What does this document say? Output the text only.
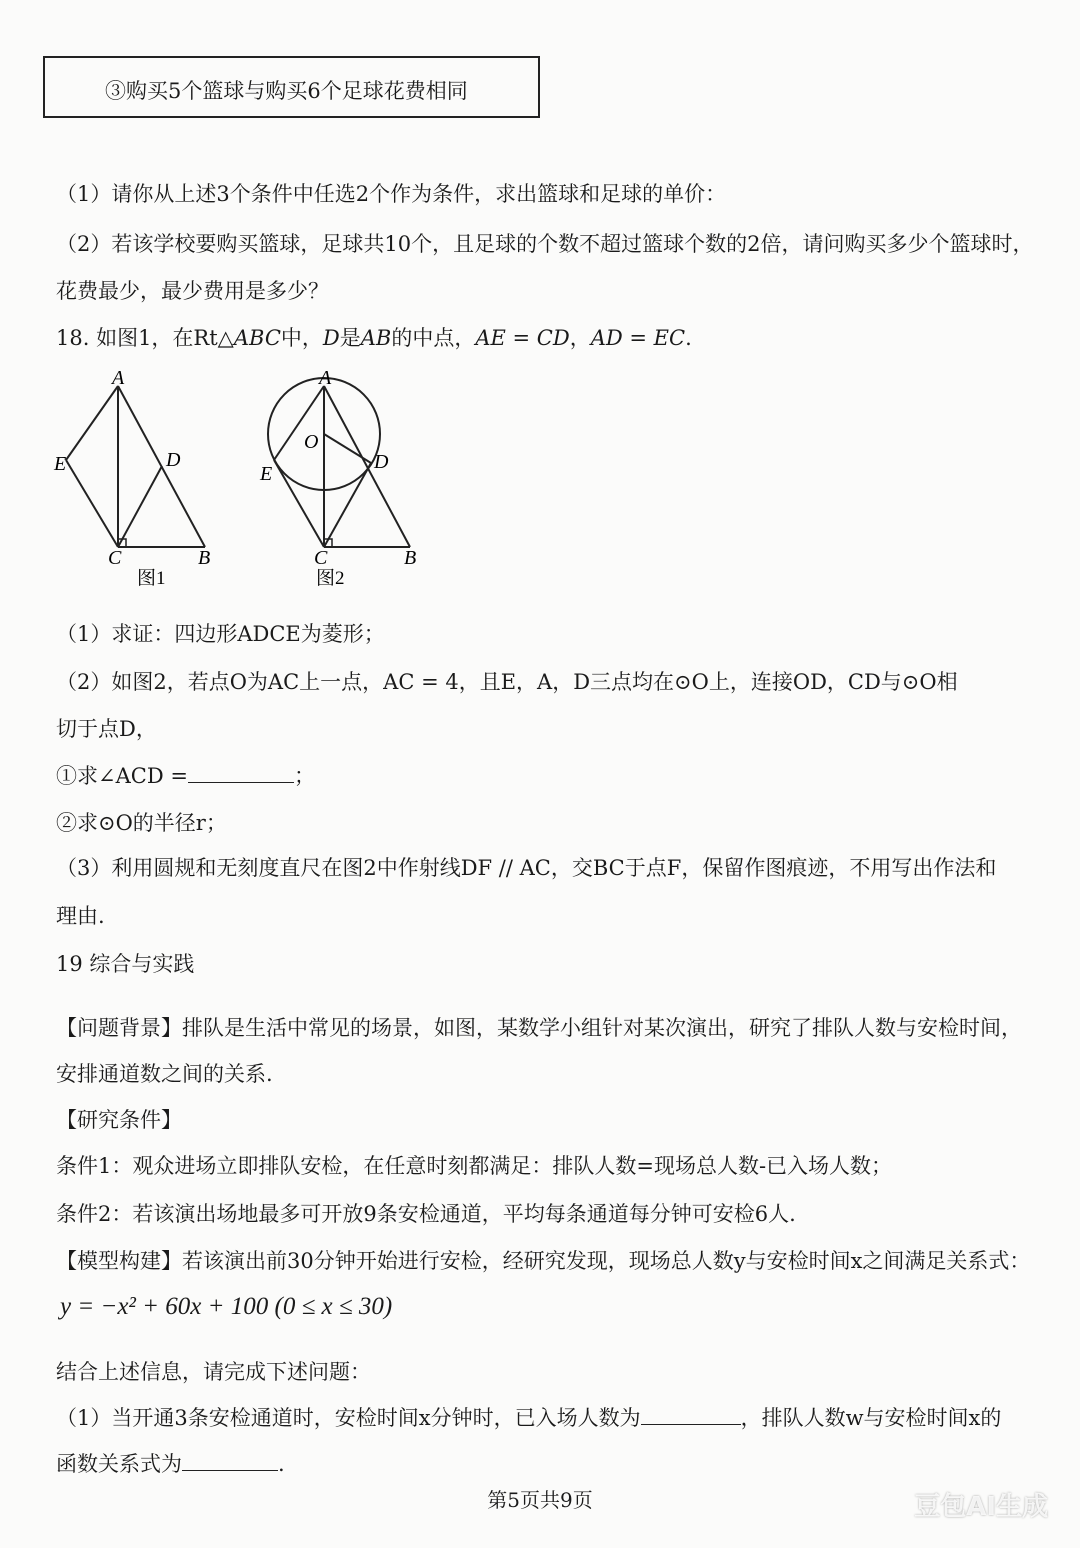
③购买5个篮球与购买6个足球花费相同
（1）请你从上述3个条件中任选2个作为条件，求出篮球和足球的单价：
（2）若该学校要购买篮球，足球共10个，且足球的个数不超过篮球个数的2倍，请问购买多少个篮球时，
花费最少，最少费用是多少？
18. 如图1，在Rt△ABC中，D是AB的中点，AE = CD，AD = EC.
A
E	D
C	B
图1
A
O
E
D
C	B
图2
（1）求证：四边形ADCE为菱形；
（2）如图2，若点O为AC上一点，AC = 4，且E，A，D三点均在⊙O上，连接OD，CD与⊙O相
切于点D，
①求∠ACD =	；
②求⊙O的半径r；
（3）利用圆规和无刻度直尺在图2中作射线DF // AC，交BC于点F，保留作图痕迹，不用写出作法和
理由.
19 综合与实践
【问题背景】排队是生活中常见的场景，如图，某数学小组针对某次演出，研究了排队人数与安检时间，
安排通道数之间的关系.
【研究条件】
条件1：观众进场立即排队安检，在任意时刻都满足：排队人数=现场总人数-已入场人数；
条件2：若该演出场地最多可开放9条安检通道，平均每条通道每分钟可安检6人.
【模型构建】若该演出前30分钟开始进行安检，经研究发现，现场总人数y与安检时间x之间满足关系式：
y = −x² + 60x + 100 (0 ≤ x ≤ 30)
结合上述信息，请完成下述问题：
（1）当开通3条安检通道时，安检时间x分钟时，已入场人数为	，排队人数w与安检时间x的
函数关系式为	.
第5页共9页	豆包AI生成
